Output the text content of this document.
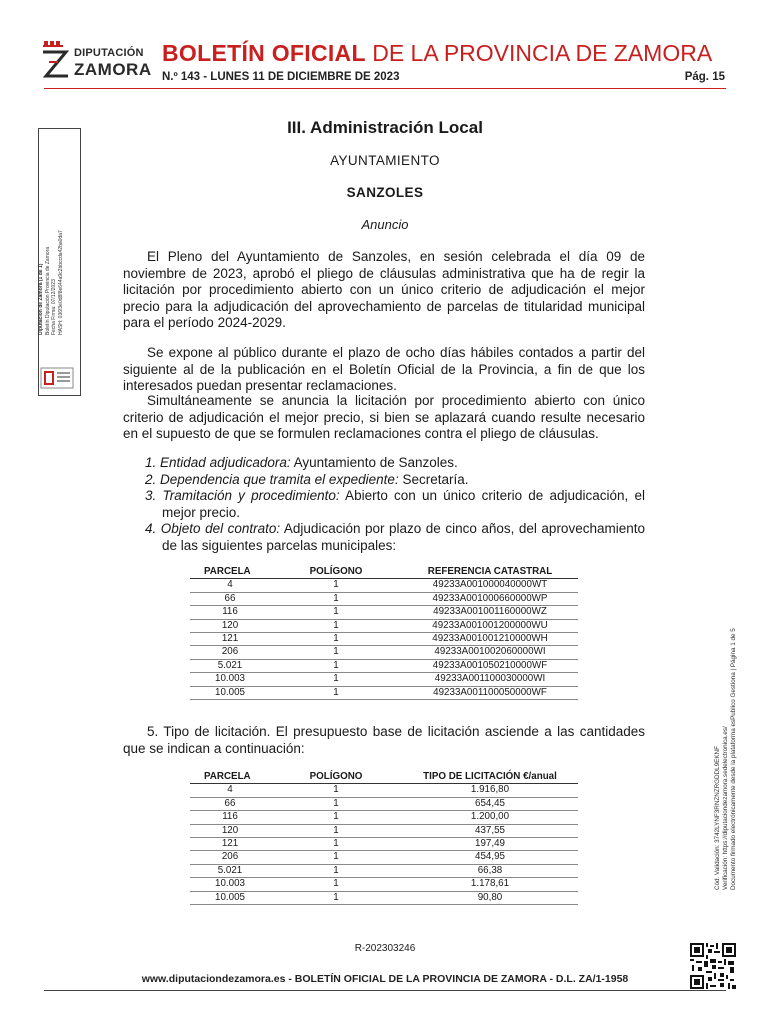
DIPUTACIÓN
ZAMORA
BOLETÍN OFICIAL DE LA PROVINCIA DE ZAMORA
N.º 143 - LUNES 11 DE DICIEMBRE DE 2023	Pág. 15
Diputación de Zamora (1 de 1) Boletín Diputación Provincia de Zamora Fecha Firma: 07/12/2023 HASH: 036f3e0d8f8e644a9c2bbccda42ba0da7
Cód. Validación: 3742LYNF3RNZNZRGDDL9EKNF Verificación: https://diputaciondezamora.sedelectronica.es/ Documento firmado electrónicamente desde la plataforma esPublico Gestiona | Página 1 de 5
III. Administración Local
AYUNTAMIENTO
SANZOLES
Anuncio

El Pleno del Ayuntamiento de Sanzoles, en sesión celebrada el día 09 de noviembre de 2023, aprobó el pliego de cláusulas administrativa que ha de regir la licitación por procedimiento abierto con un único criterio de adjudicación el mejor precio para la adjudicación del aprovechamiento de parcelas de titularidad municipal para el período 2024-2029.

Se expone al público durante el plazo de ocho días hábiles contados a partir del siguiente al de la publicación en el Boletín Oficial de la Provincia, a fin de que los interesados puedan presentar reclamaciones.

Simultáneamente se anuncia la licitación por procedimiento abierto con único criterio de adjudicación el mejor precio, si bien se aplazará cuando resulte necesario en el supuesto de que se formulen reclamaciones contra el pliego de cláusulas.

1. Entidad adjudicadora: Ayuntamiento de Sanzoles.
2. Dependencia que tramita el expediente: Secretaría.
3. Tramitación y procedimiento: Abierto con un único criterio de adjudicación, el mejor precio.
4. Objeto del contrato: Adjudicación por plazo de cinco años, del aprovechamiento de las siguientes parcelas municipales:
PARCELA	POLÍGONO	REFERENCIA CATASTRAL
4	1	49233A001000040000WT
66	1	49233A001000660000WP
116	1	49233A001001160000WZ
120	1	49233A001001200000WU
121	1	49233A001001210000WH
206	1	49233A001002060000WI
5.021	1	49233A001050210000WF
10.003	1	49233A001100030000WI
10.005	1	49233A001100050000WF

5. Tipo de licitación. El presupuesto base de licitación asciende a las cantidades que se indican a continuación:

PARCELA	POLÍGONO	TIPO DE LICITACIÓN €/anual
4	1	1.916,80
66	1	654,45
116	1	1.200,00
120	1	437,55
121	1	197,49
206	1	454,95
5.021	1	66,38
10.003	1	1.178,61
10.005	1	90,80
R-202303246
www.diputaciondezamora.es - BOLETÍN OFICIAL DE LA PROVINCIA DE ZAMORA - D.L. ZA/1-1958
